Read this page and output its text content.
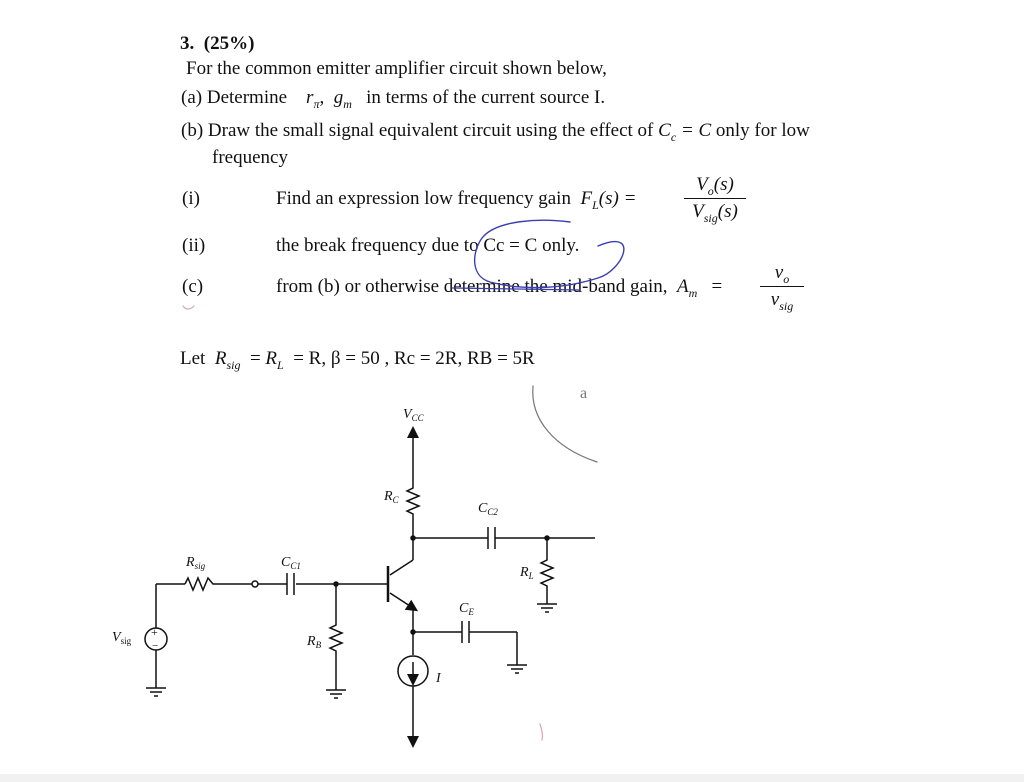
3. (25%)
For the common emitter amplifier circuit shown below,
(a) Determine $r_\pi$, $g_m$ in terms of the current source I.
(b) Draw the small signal equivalent circuit using the effect of $C_c = C$ only for low
frequency
(i)	Find an expression low frequency gain $F_L(s)$ =
$V_o(s)$
$V_{sig}(s)$
(ii)	the break frequency due to Cc = C only.
(c)	from (b) or otherwise determine the mid-band gain, $A_m$ =
$v_o$
$v_{sig}$
Let $R_{sig} = R_L = R$, β = 50 , Rc = 2R, RB = 5R
+
−
$V_{CC}$
$R_C$
$C_{C2}$
$R_{sig}$	$C_{C1}$	$R_L$
$C_E$
$V_{sig}$	$R_B$
I
a
